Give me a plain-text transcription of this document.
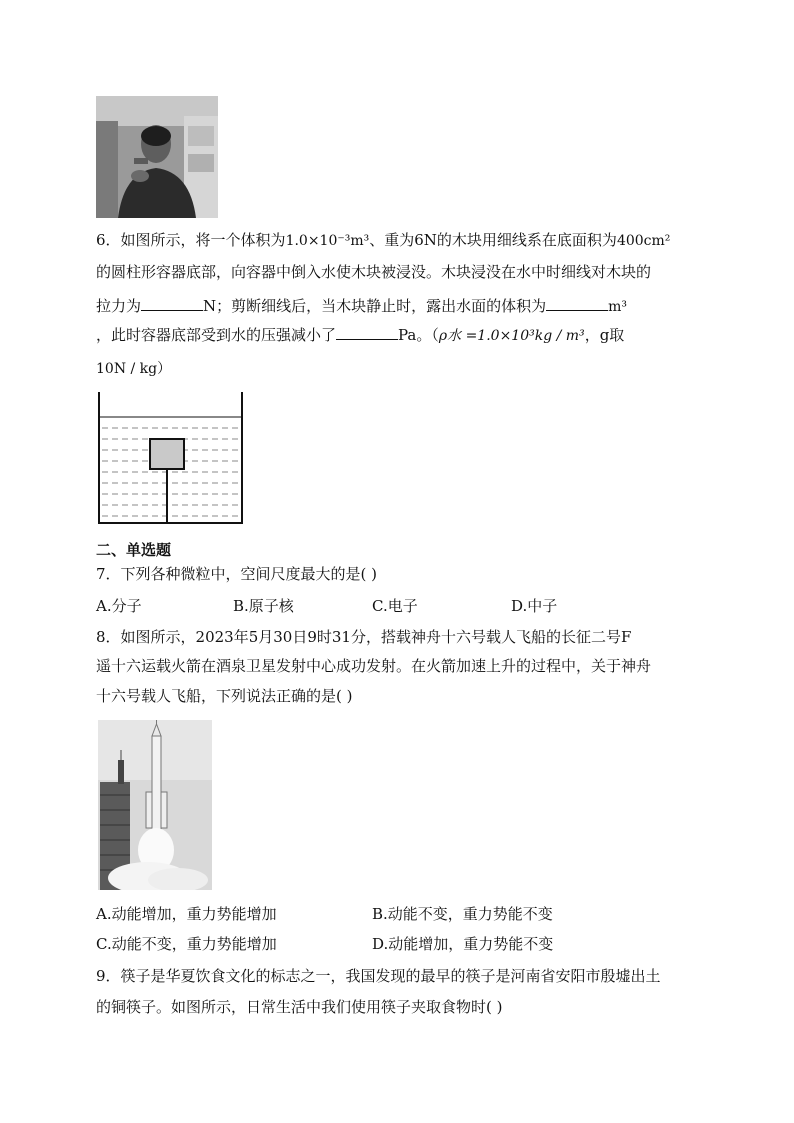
6．如图所示，将一个体积为1.0×10⁻³m³、重为6N的木块用细线系在底面积为400cm²
的圆柱形容器底部，向容器中倒入水使木块被浸没。木块浸没在水中时细线对木块的
拉力为	N；剪断细线后，当木块静止时，露出水面的体积为	m³
，此时容器底部受到水的压强减小了	Pa。（ρ水 =1.0×10³kg / m³，g取
10N / kg）
二、单选题
7．下列各种微粒中，空间尺度最大的是( )
A.分子	B.原子核	C.电子	D.中子
8．如图所示，2023年5月30日9时31分，搭载神舟十六号载人飞船的长征二号F
遥十六运载火箭在酒泉卫星发射中心成功发射。在火箭加速上升的过程中，关于神舟
十六号载人飞船，下列说法正确的是( )
A.动能增加，重力势能增加	B.动能不变，重力势能不变
C.动能不变，重力势能增加	D.动能增加，重力势能不变
9．筷子是华夏饮食文化的标志之一，我国发现的最早的筷子是河南省安阳市殷墟出土
的铜筷子。如图所示，日常生活中我们使用筷子夹取食物时( )
